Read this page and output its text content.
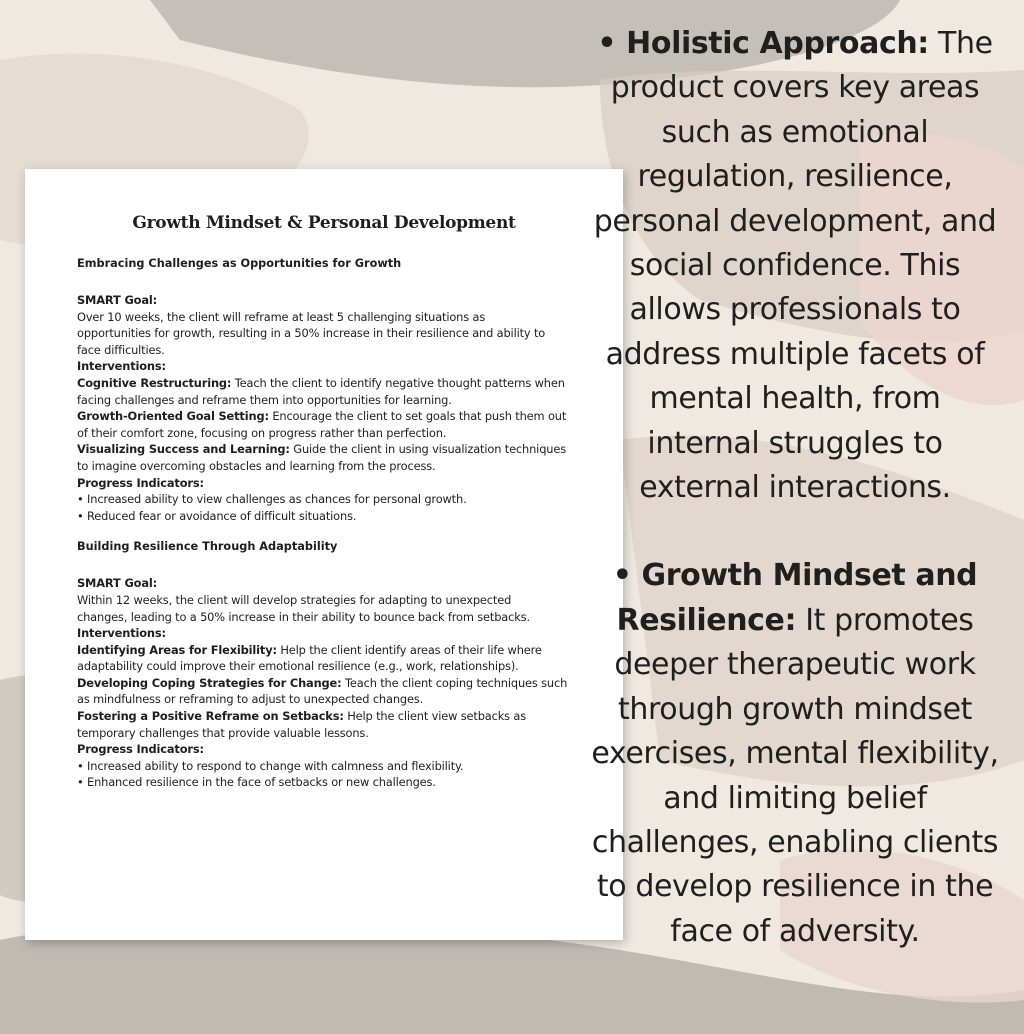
Growth Mindset & Personal Development
Embracing Challenges as Opportunities for Growth
SMART Goal:
Over 10 weeks, the client will reframe at least 5 challenging situations as
opportunities for growth, resulting in a 50% increase in their resilience and ability to
face difficulties.
Interventions:
Cognitive Restructuring: Teach the client to identify negative thought patterns when
facing challenges and reframe them into opportunities for learning.
Growth-Oriented Goal Setting: Encourage the client to set goals that push them out
of their comfort zone, focusing on progress rather than perfection.
Visualizing Success and Learning: Guide the client in using visualization techniques
to imagine overcoming obstacles and learning from the process.
Progress Indicators:
• Increased ability to view challenges as chances for personal growth.
• Reduced fear or avoidance of difficult situations.
Building Resilience Through Adaptability
SMART Goal:
Within 12 weeks, the client will develop strategies for adapting to unexpected
changes, leading to a 50% increase in their ability to bounce back from setbacks.
Interventions:
Identifying Areas for Flexibility: Help the client identify areas of their life where
adaptability could improve their emotional resilience (e.g., work, relationships).
Developing Coping Strategies for Change: Teach the client coping techniques such
as mindfulness or reframing to adjust to unexpected changes.
Fostering a Positive Reframe on Setbacks: Help the client view setbacks as
temporary challenges that provide valuable lessons.
Progress Indicators:
• Increased ability to respond to change with calmness and flexibility.
• Enhanced resilience in the face of setbacks or new challenges.
• Holistic Approach: The
product covers key areas
such as emotional
regulation, resilience,
personal development, and
social confidence. This
allows professionals to
address multiple facets of
mental health, from
internal struggles to
external interactions.
• Growth Mindset and
Resilience: It promotes
deeper therapeutic work
through growth mindset
exercises, mental flexibility,
and limiting belief
challenges, enabling clients
to develop resilience in the
face of adversity.
